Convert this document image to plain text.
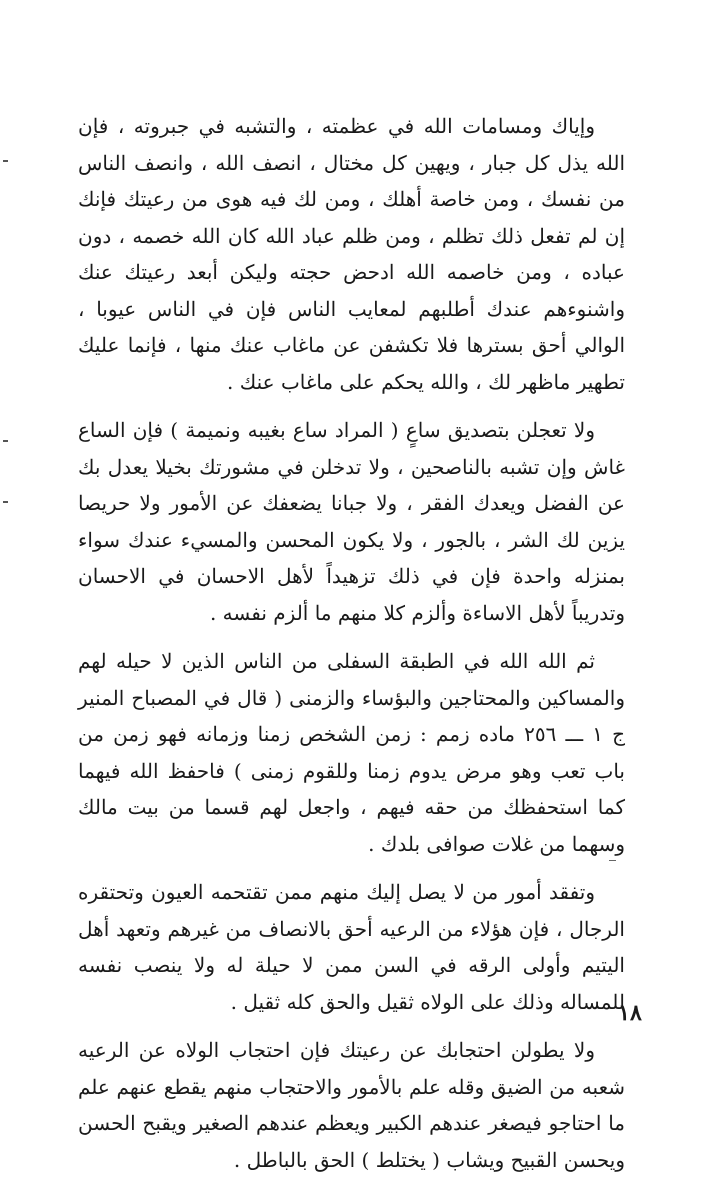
وإياك ومسامات الله في عظمته ، والتشبه في جبروته ، فإن الله يذل كل جبار ، ويهين كل مختال ، انصف الله ، وانصف الناس من نفسك ، ومن خاصة أهلك ، ومن لك فيه هوى من رعيتك فإنك إن لم تفعل ذلك تظلم ، ومن ظلم عباد الله كان الله خصمه ، دون عباده ، ومن خاصمه الله ادحض حجته وليكن أبعد رعيتك عنك واشنوءهم عندك أطلبهم لمعايب الناس فإن في الناس عيوبا ، الوالي أحق بسترها فلا تكشفن عن ماغاب عنك منها ، فإنما عليك تطهير ماظهر لك ، والله يحكم على ماغاب عنك .

ولا تعجلن بتصديق ساعٍ ( المراد ساع بغيبه ونميمة ) فإن الساع غاش وإن تشبه بالناصحين ، ولا تدخلن في مشورتك بخيلا يعدل بك عن الفضل ويعدك الفقر ، ولا جبانا يضعفك عن الأمور ولا حريصا يزين لك الشر ، بالجور ، ولا يكون المحسن والمسيء عندك سواء بمنزله واحدة فإن في ذلك تزهيداً لأهل الاحسان في الاحسان وتدريباً لأهل الاساءة وألزم كلا منهم ما ألزم نفسه .

ثم الله الله في الطبقة السفلى من الناس الذين لا حيله لهم والمساكين والمحتاجين والبؤساء والزمنى ( قال في المصباح المنير ج ١ ـــ ٢٥٦ ماده زمم : زمن الشخص زمنا وزمانه فهو زمن من باب تعب وهو مرض يدوم زمنا وللقوم زمنى ) فاحفظ الله فيهما كما استحفظك من حقه فيهم ، واجعل لهم قسما من بيت مالك وسهما من غلات صوافى بلدك .

وتفقد أمور من لا يصل إليك منهم ممن تقتحمه العيون وتحتقره الرجال ، فإن هؤلاء من الرعيه أحق بالانصاف من غيرهم وتعهد أهل اليتيم وأولى الرقه في السن ممن لا حيلة له ولا ينصب نفسه للمساله وذلك على الولاه ثقيل والحق كله ثقيل .

ولا يطولن احتجابك عن رعيتك فإن احتجاب الولاه عن الرعيه شعبه من الضيق وقله علم بالأمور والاحتجاب منهم يقطع عنهم علم ما احتاجو فيصغر عندهم الكبير ويعظم عندهم الصغير ويقبح الحسن ويحسن القبيح ويشاب ( يختلط ) الحق بالباطل .

١٨
